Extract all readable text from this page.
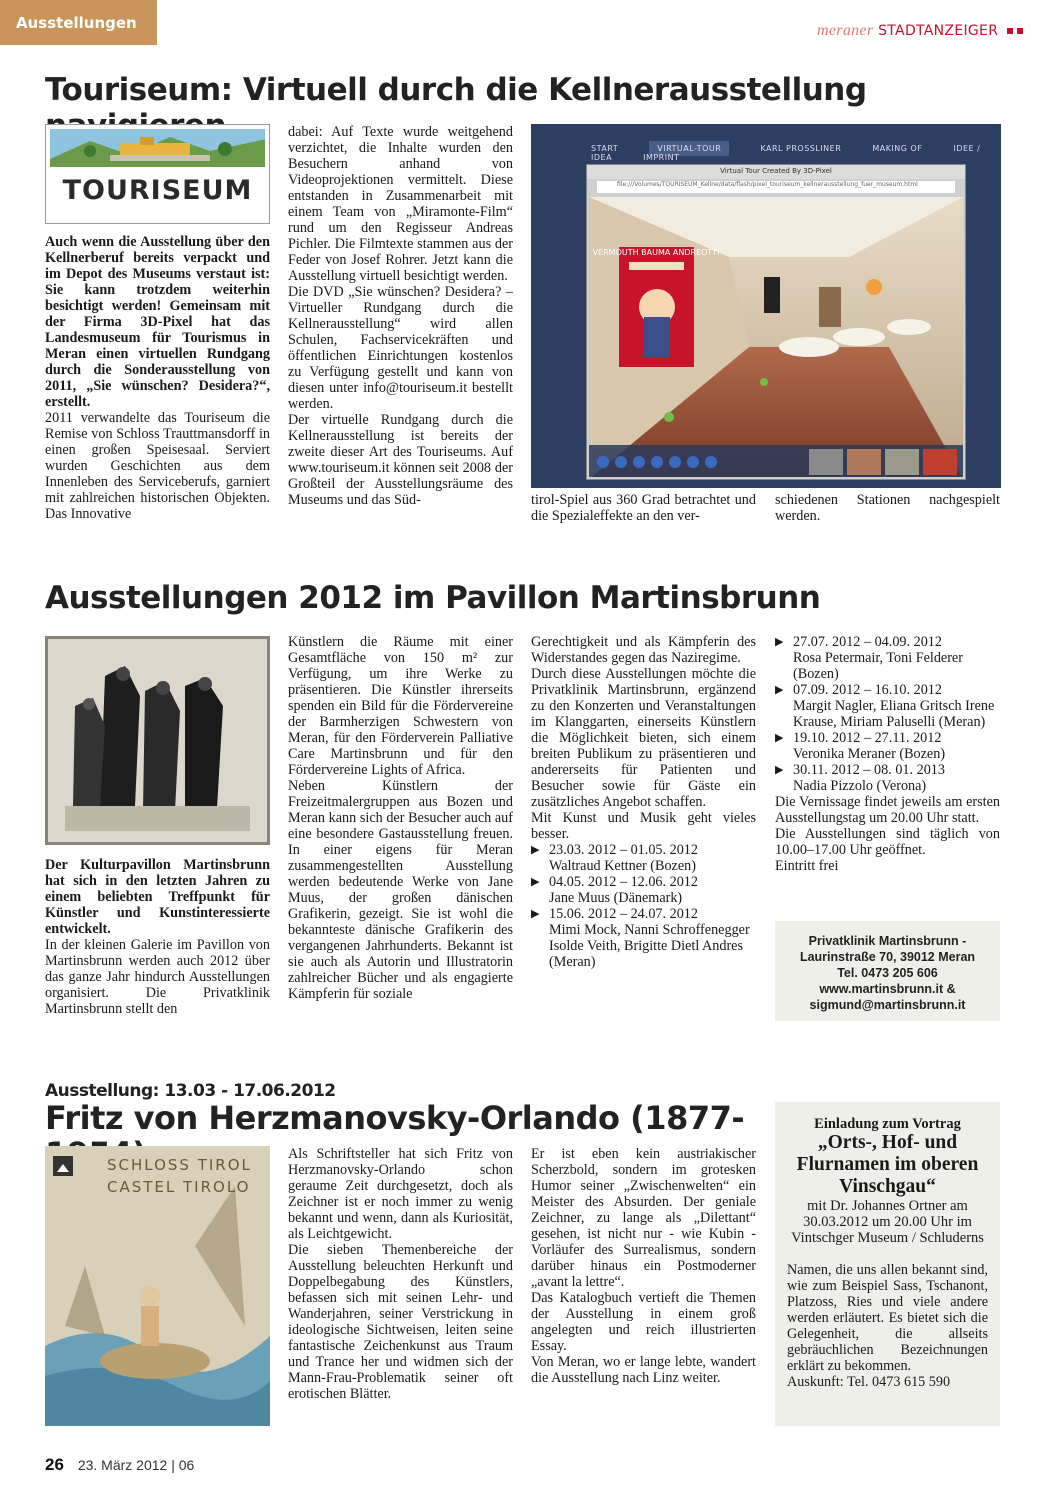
Ausstellungen	meraner STADTANZEIGER
Touriseum: Virtuell durch die Kellnerausstellung
TOURISEUM

Auch wenn die Ausstellung über den Kellnerberuf bereits verpackt und im Depot des Museums verstaut ist: Sie kann trotzdem weiterhin besichtigt werden! Gemeinsam mit der Firma 3D-Pixel hat das Landesmuseum für Tourismus in Meran einen virtuellen Rundgang durch die Sonderausstellung von 2011, „Sie wünschen? Desidera?“, erstellt.

2011 verwandelte das Touriseum die Remise von Schloss Trauttmansdorff in einen großen Speisesaal. Serviert wurden Geschichten aus dem Innenleben des Serviceberufs, garniert mit zahlreichen historischen Objekten. Das Innovative

dabei: Auf Texte wurde weitgehend verzichtet, die Inhalte wurden den Besuchern anhand von Videoprojektionen vermittelt. Diese entstanden in Zusammenarbeit mit einem Team von „Miramonte-Film“ rund um den Regisseur Andreas Pichler. Die Filmtexte stammen aus der Feder von Josef Rohrer. Jetzt kann die Ausstellung virtuell besichtigt werden.

Die DVD „Sie wünschen? Desidera? – Virtueller Rundgang durch die Kellnerausstellung“ wird allen Schulen, Fachservicekräften und öffentlichen Einrichtungen kostenlos zu Verfügung gestellt und kann von diesen unter info@touriseum.it bestellt werden.

Der virtuelle Rundgang durch die Kellnerausstellung ist bereits der zweite dieser Art des Touriseums. Auf www.touriseum.it können seit 2008 der Großteil der Ausstellungsräume des Museums und das Süd-

START	VIRTUAL-TOUR	KARL PROSSLINER	MAKING OF	IDEE / IDEA	IMPRINT
Virtual Tour Created By 3D-Pixel
file:///Volumes/TOURISEUM_Kellne/data/flash/pixel_touriseum_kellnerausstellung_fuer_museum.html
VERMOUTH BAUMA ANDREOTTI
tirol-Spiel aus 360 Grad betrachtet und die Spezialeffekte an den ver-
schiedenen Stationen nachgespielt werden.
Ausstellungen 2012 im Pavillon Martinsbrunn

Der Kulturpavillon Martinsbrunn hat sich in den letzten Jahren zu einem beliebten Treffpunkt für Künstler und Kunstinteressierte entwickelt.

In der kleinen Galerie im Pavillon von Martinsbrunn werden auch 2012 über das ganze Jahr hindurch Ausstellungen organisiert. Die Privatklinik Martinsbrunn stellt den

Künstlern die Räume mit einer Gesamtfläche von 150 m² zur Verfügung, um ihre Werke zu präsentieren. Die Künstler ihrerseits spenden ein Bild für die Fördervereine der Barmherzigen Schwestern von Meran, für den Förderverein Palliative Care Martinsbrunn und für den Fördervereine Lights of Africa.

Neben Künstlern der Freizeitmalergruppen aus Bozen und Meran kann sich der Besucher auch auf eine besondere Gastausstellung freuen. In einer eigens für Meran zusammengestellten Ausstellung werden bedeutende Werke von Jane Muus, der großen dänischen Grafikerin, gezeigt. Sie ist wohl die bekannteste dänische Grafikerin des vergangenen Jahrhunderts. Bekannt ist sie auch als Autorin und Illustratorin zahlreicher Bücher und als engagierte Kämpferin für soziale

Gerechtigkeit und als Kämpferin des Widerstandes gegen das Naziregime.

Durch diese Ausstellungen möchte die Privatklinik Martinsbrunn, ergänzend zu den Konzerten und Veranstaltungen im Klanggarten, einerseits Künstlern die Möglichkeit bieten, sich einem breiten Publikum zu präsentieren und andererseits für Patienten und Besucher sowie für Gäste ein zusätzliches Angebot schaffen.

Mit Kunst und Musik geht vieles besser.

▶ 23.03. 2012 – 01.05. 2012
Waltraud Kettner (Bozen)
▶ 04.05. 2012 – 12.06. 2012
Jane Muus (Dänemark)
▶ 15.06. 2012 – 24.07. 2012
Mimi Mock, Nanni Schroffenegger Isolde Veith, Brigitte Dietl Andres (Meran)
▶ 27.07. 2012 – 04.09. 2012
Rosa Petermair, Toni Felderer (Bozen)
▶ 07.09. 2012 – 16.10. 2012
Margit Nagler, Eliana Gritsch Irene Krause, Miriam Paluselli (Meran)
▶ 19.10. 2012 – 27.11. 2012
Veronika Meraner (Bozen)
▶ 30.11. 2012 – 08. 01. 2013
Nadia Pizzolo (Verona)

Die Vernissage findet jeweils am ersten Ausstellungstag um 20.00 Uhr statt.

Die Ausstellungen sind täglich von 10.00–17.00 Uhr geöffnet.

Eintritt frei

Privatklinik Martinsbrunn -
Laurinstraße 70, 39012 Meran
Tel. 0473 205 606
www.martinsbrunn.it &
sigmund@martinsbrunn.it
Ausstellung: 13.03 - 17.06.2012
Fritz von Herzmanovsky-Orlando (1877-
SCHLOSS TIROL
CASTEL TIROLO

Als Schriftsteller hat sich Fritz von Herzmanovsky-Orlando schon geraume Zeit durchgesetzt, doch als Zeichner ist er noch immer zu wenig bekannt und wenn, dann als Kuriosität, als Leichtgewicht.

Die sieben Themenbereiche der Ausstellung beleuchten Herkunft und Doppelbegabung des Künstlers, befassen sich mit seinen Lehr- und Wanderjahren, seiner Verstrickung in ideologische Sichtweisen, leiten seine fantastische Zeichenkunst aus Traum und Trance her und widmen sich der Mann-Frau-Problematik seiner oft erotischen Blätter.

Er ist eben kein austriakischer Scherzbold, sondern im grotesken Humor seiner „Zwischenwelten“ ein Meister des Absurden. Der geniale Zeichner, zu lange als „Dilettant“ gesehen, ist nicht nur - wie Kubin - Vorläufer des Surrealismus, sondern darüber hinaus ein Postmoderner „avant la lettre“.

Das Katalogbuch vertieft die Themen der Ausstellung in einem groß angelegten und reich illustrierten Essay.

Von Meran, wo er lange lebte, wandert die Ausstellung nach Linz weiter.

Einladung zum Vortrag
„Orts-, Hof- und Flurnamen im oberen Vinschgau“
mit Dr. Johannes Ortner am 30.03.2012 um 20.00 Uhr im Vintschger Museum / Schluderns
Namen, die uns allen bekannt sind, wie zum Beispiel Sass, Tschanont, Platzoss, Ries und viele andere werden erläutert. Es bietet sich die Gelegenheit, die allseits gebräuchlichen Bezeichnungen erklärt zu bekommen.
Auskunft: Tel. 0473 615 590
26 23. März 2012 | 06
